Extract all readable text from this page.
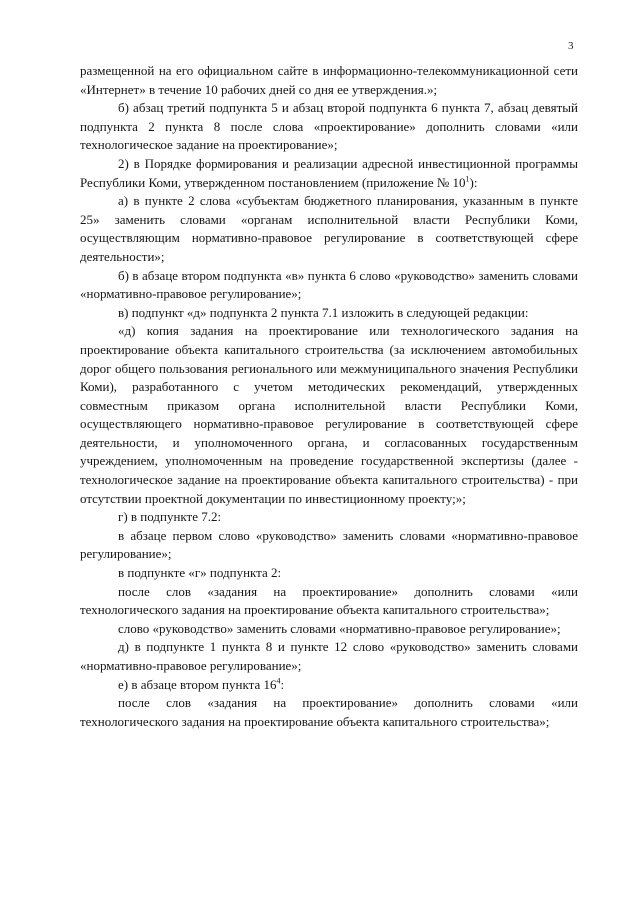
3

размещенной на его официальном сайте в информационно-телекоммуникационной сети «Интернет» в течение 10 рабочих дней со дня ее утверждения.»;

б) абзац третий подпункта 5 и абзац второй подпункта 6 пункта 7, абзац девятый подпункта 2 пункта 8 после слова «проектирование» дополнить словами «или технологическое задание на проектирование»;

2) в Порядке формирования и реализации адресной инвестиционной программы Республики Коми, утвержденном постановлением (приложение № $10^1$):

а) в пункте 2 слова «субъектам бюджетного планирования, указанным в пункте 25» заменить словами «органам исполнительной власти Республики Коми, осуществляющим нормативно-правовое регулирование в соответствующей сфере деятельности»;

б) в абзаце втором подпункта «в» пункта 6 слово «руководство» заменить словами «нормативно-правовое регулирование»;

в) подпункт «д» подпункта 2 пункта 7.1 изложить в следующей редакции:

«д) копия задания на проектирование или технологического задания на проектирование объекта капитального строительства (за исключением автомобильных дорог общего пользования регионального или межмуниципального значения Республики Коми), разработанного с учетом методических рекомендаций, утвержденных совместным приказом органа исполнительной власти Республики Коми, осуществляющего нормативно-правовое регулирование в соответствующей сфере деятельности, и уполномоченного органа, и согласованных государственным учреждением, уполномоченным на проведение государственной экспертизы (далее - технологическое задание на проектирование объекта капитального строительства) - при отсутствии проектной документации по инвестиционному проекту;»;

г) в подпункте 7.2:

в абзаце первом слово «руководство» заменить словами «нормативно-правовое регулирование»;

в подпункте «г» подпункта 2:

после слов «задания на проектирование» дополнить словами «или технологического задания на проектирование объекта капитального строительства»;

слово «руководство» заменить словами «нормативно-правовое регулирование»;

д) в подпункте 1 пункта 8 и пункте 12 слово «руководство» заменить словами «нормативно-правовое регулирование»;

е) в абзаце втором пункта $16^4$:

после слов «задания на проектирование» дополнить словами «или технологического задания на проектирование объекта капитального строительства»;
